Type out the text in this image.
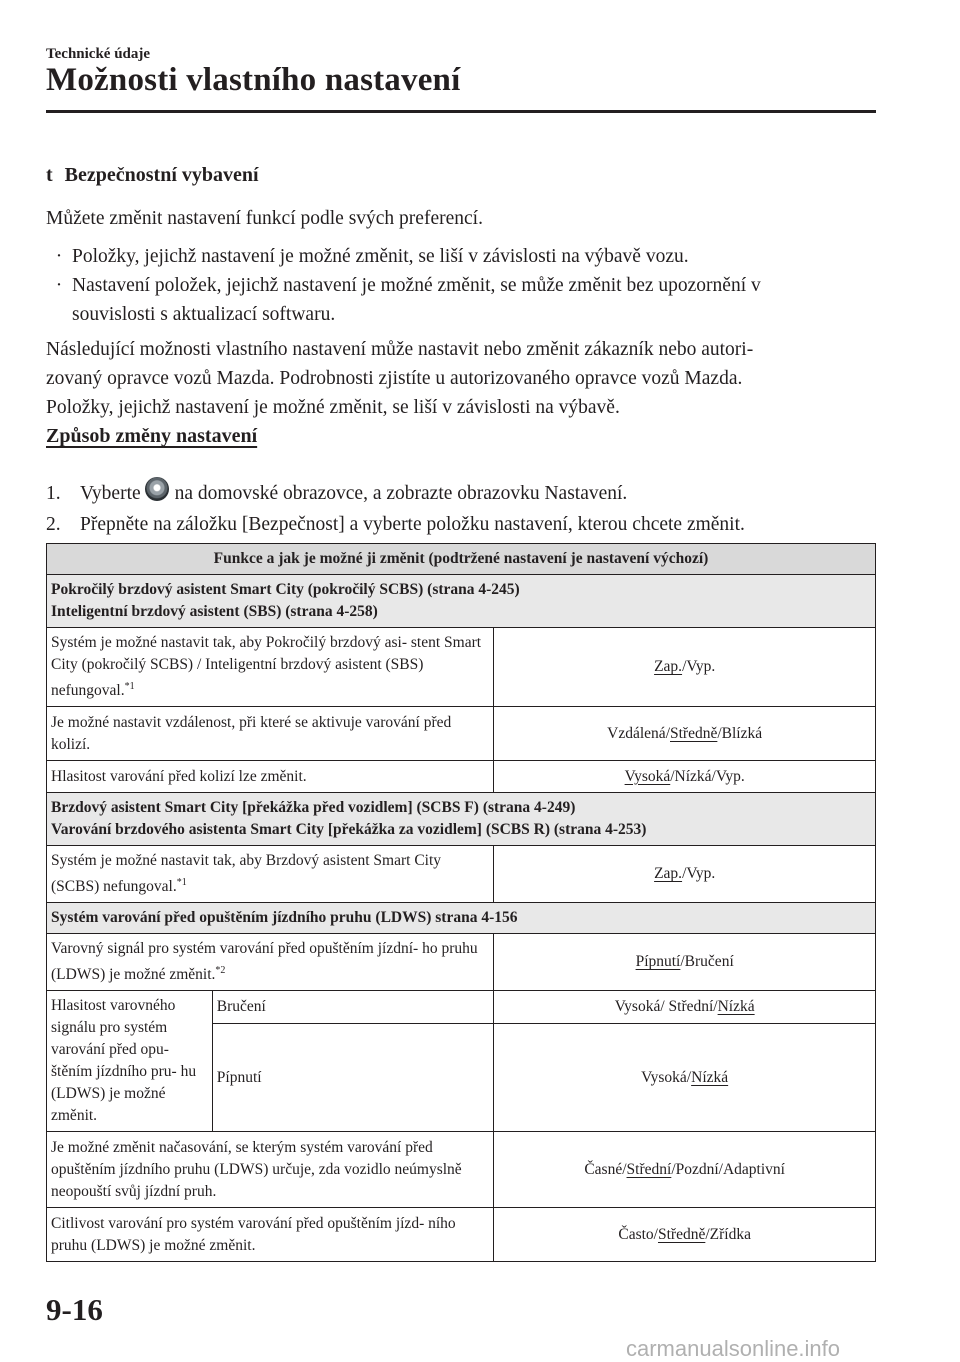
Technické údaje
Možnosti vlastního nastavení
t Bezpečnostní vybavení
Můžete změnit nastavení funkcí podle svých preferencí.
· Položky, jejichž nastavení je možné změnit, se liší v závislosti na výbavě vozu.
· Nastavení položek, jejichž nastavení je možné změnit, se může změnit bez upozornění v souvislosti s aktualizací softwaru.
Následující možnosti vlastního nastavení může nastavit nebo změnit zákazník nebo autori-
zovaný opravce vozů Mazda. Podrobnosti zjistíte u autorizovaného opravce vozů Mazda.
Položky, jejichž nastavení je možné změnit, se liší v závislosti na výbavě.
Způsob změny nastavení
1. Vyberte na domovské obrazovce, a zobrazte obrazovku Nastavení.
2. Přepněte na záložku [Bezpečnost] a vyberte položku nastavení, kterou chcete změnit.
Funkce a jak je možné ji změnit (podtržené nastavení je nastavení výchozí)		

Pokročilý brzdový asistent Smart City (pokročilý SCBS) (strana 4-245)
Inteligentní brzdový asistent (SBS) (strana 4-258)		

Systém je možné nastavit tak, aby Pokročilý brzdový asi- stent Smart City (pokročilý SCBS) / Inteligentní brzdový asistent (SBS) nefungoval.$^{*1}$		Zap./Vyp.
Je možné nastavit vzdálenost, při které se aktivuje varování před kolizí.		Vzdálená/Středně/Blízká
Hlasitost varování před kolizí lze změnit.		Vysoká/Nízká/Vyp.

Brzdový asistent Smart City [překážka před vozidlem] (SCBS F) (strana 4-249)
Varování brzdového asistenta Smart City [překážka za vozidlem] (SCBS R) (strana 4-253)		

Systém je možné nastavit tak, aby Brzdový asistent Smart City (SCBS) nefungoval.$^{*1}$		Zap./Vyp.
Systém varování před opuštěním jízdního pruhu (LDWS) strana 4-156		
Varovný signál pro systém varování před opuštěním jízdní- ho pruhu (LDWS) je možné změnit.$^{*2}$		Pípnutí/Bručení
Hlasitost varovného signálu pro systém varování před opu- štěním jízdního pru- hu (LDWS) je možné změnit.	Bručení	Vysoká/ Střední/Nízká
	Pípnutí	Vysoká/Nízká
Je možné změnit načasování, se kterým systém varování před opuštěním jízdního pruhu (LDWS) určuje, zda vozidlo neúmyslně neopouští svůj jízdní pruh.		Časné/Střední/Pozdní/Adaptivní
Citlivost varování pro systém varování před opuštěním jízd- ního pruhu (LDWS) je možné změnit.		Často/Středně/Zřídka
9-16
carmanualsonline.info
